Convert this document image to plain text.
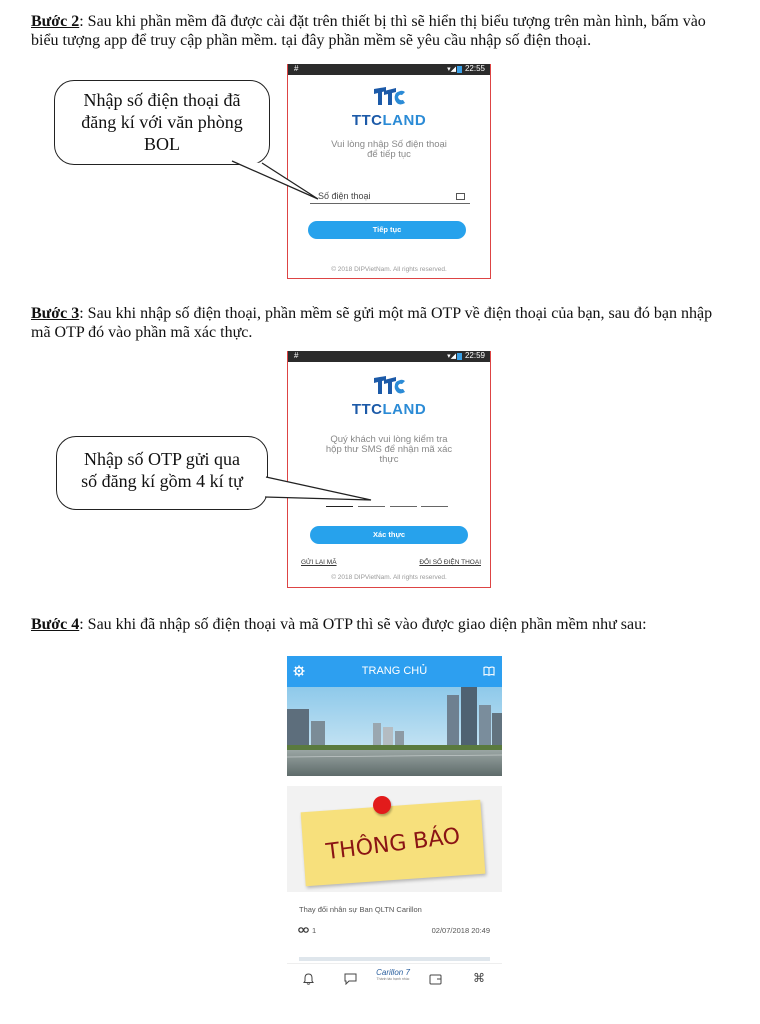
Bước 2: Sau khi phần mềm đã được cài đặt trên thiết bị thì sẽ hiển thị biểu tượng trên màn hình, bấm vào biểu tượng app để truy cập phần mềm. tại đây phần mềm sẽ yêu cầu nhập số điện thoại.

#	▾◢ 22:55

TTCLAND
Vui lòng nhập Số điện thoại
để tiếp tục
Số điện thoại
Tiếp tục
© 2018 DIPVietNam. All rights reserved.
Nhập số điện thoại đã
đăng kí với văn phòng
BOL

Bước 3: Sau khi nhập số điện thoại, phần mềm sẽ gửi một mã OTP về điện thoại của bạn, sau đó bạn nhập mã OTP đó vào phần mã xác thực.

#	▾◢ 22:59

TTCLAND
Quý khách vui lòng kiểm tra
hộp thư SMS để nhận mã xác
thực
Xác thực
GỬI LẠI MÃ	ĐỔI SỐ ĐIỆN THOẠI
© 2018 DIPVietNam. All rights reserved.
Nhập số OTP gửi qua
số đăng kí gồm 4 kí tự

Bước 4: Sau khi đã nhập số điện thoại và mã OTP thì sẽ vào được giao diện phần mềm như sau:

TRANG CHỦ
THÔNG BÁO
Thay đổi nhân sự Ban QLTN Carillon
1	02/07/2018 20:49
Carillon 7
Thành tác hạnh nhúc	⌘
